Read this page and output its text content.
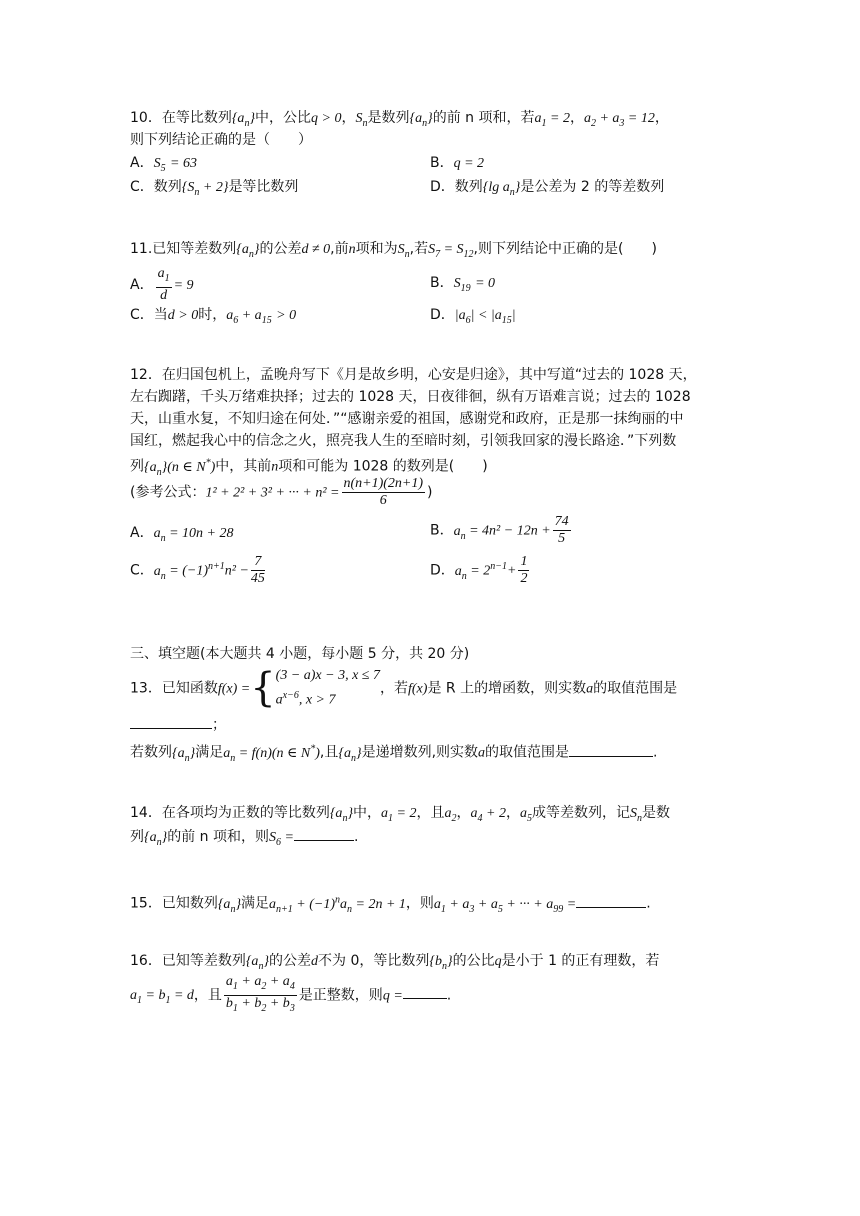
10．在等比数列$\{a_n\}$中，公比q > 0，$S_n$是数列$\{a_n\}$的前 n 项和，若$a_1 = 2$，$a_2 + a_3 = 12$，
则下列结论正确的是（　　）
A．$S_5 = 63$	B．q = 2
C．数列$\{S_n + 2\}$是等比数列	D．数列{lg $a_n$}是公差为 2 的等差数列
11.已知等差数列$\{a_n\}$的公差d ≠ 0,前n项和为$S_n$,若$S_7 = S_{12}$,则下列结论中正确的是(　　)
A． $\frac{a_1}{d} = 9$	B．$S_{19} = 0$
C．当d > 0时，$a_6 + a_{15} > 0$	D．$|a_6| < |a_{15}|$
12．在归国包机上，孟晚舟写下《月是故乡明，心安是归途》，其中写道“过去的 1028 天，
左右踟躇，千头万绪难抉择；过去的 1028 天，日夜徘徊，纵有万语难言说；过去的 1028
天，山重水复，不知归途在何处．”“感谢亲爱的祖国，感谢党和政府，正是那一抹绚丽的中
国红，燃起我心中的信念之火，照亮我人生的至暗时刻，引领我回家的漫长路途．”下列数
列$\{a_n\}(n$ ∈ N*)中，其前n项和可能为 1028 的数列是(　　)
(参考公式：1² + 2² + 3² + ··· + $n^2 = \frac{n(n+1)(2n+1)}{6}$ )
A．$a_n = 10n + 28$	B．$a_n = 4n^2 - 12n + \frac{74}{5}$
C．$a_n = (-1)^{n+1}n^2 - \frac{7}{45}$	D．$a_n = 2^{n-1}+ \frac{1}{2}$
三、填空题(本大题共 4 小题，每小题 5 分，共 20 分)
13．已知函数f(x) ={ (3 − a)x − 3, x ≤ 7
$a^{x-6}$, x > 7
，若f(x)是 R 上的增函数，则实数a的取值范围是
；
若数列$\{a_n\}$满足$a_n = f(n)(n$ ∈ N*),且$\{a_n\}$是递增数列,则实数a的取值范围是	.
14．在各项均为正数的等比数列$\{a_n\}$中，$a_1 = 2$，且$a_2$，$a_4 + 2$，$a_5$成等差数列，记$S_n$是数
列$\{a_n\}$的前 n 项和，则$S_6$ =	.
15．已知数列$\{a_n\}$满足$a_{n+1} + (-1)^na_n = 2n + 1$，则$a_1 + a_3 + a_5$ + ··· + $a_{99}$ =	.
16．已知等差数列$\{a_n\}$的公差d不为 0，等比数列$\{b_n\}$的公比q是小于 1 的正有理数，若
$a_1 = b_1 = d$，且 $\frac{a_1 + a_2 + a_4}{b_1 + b_2 + b_3}$ 是正整数，则q =	.
